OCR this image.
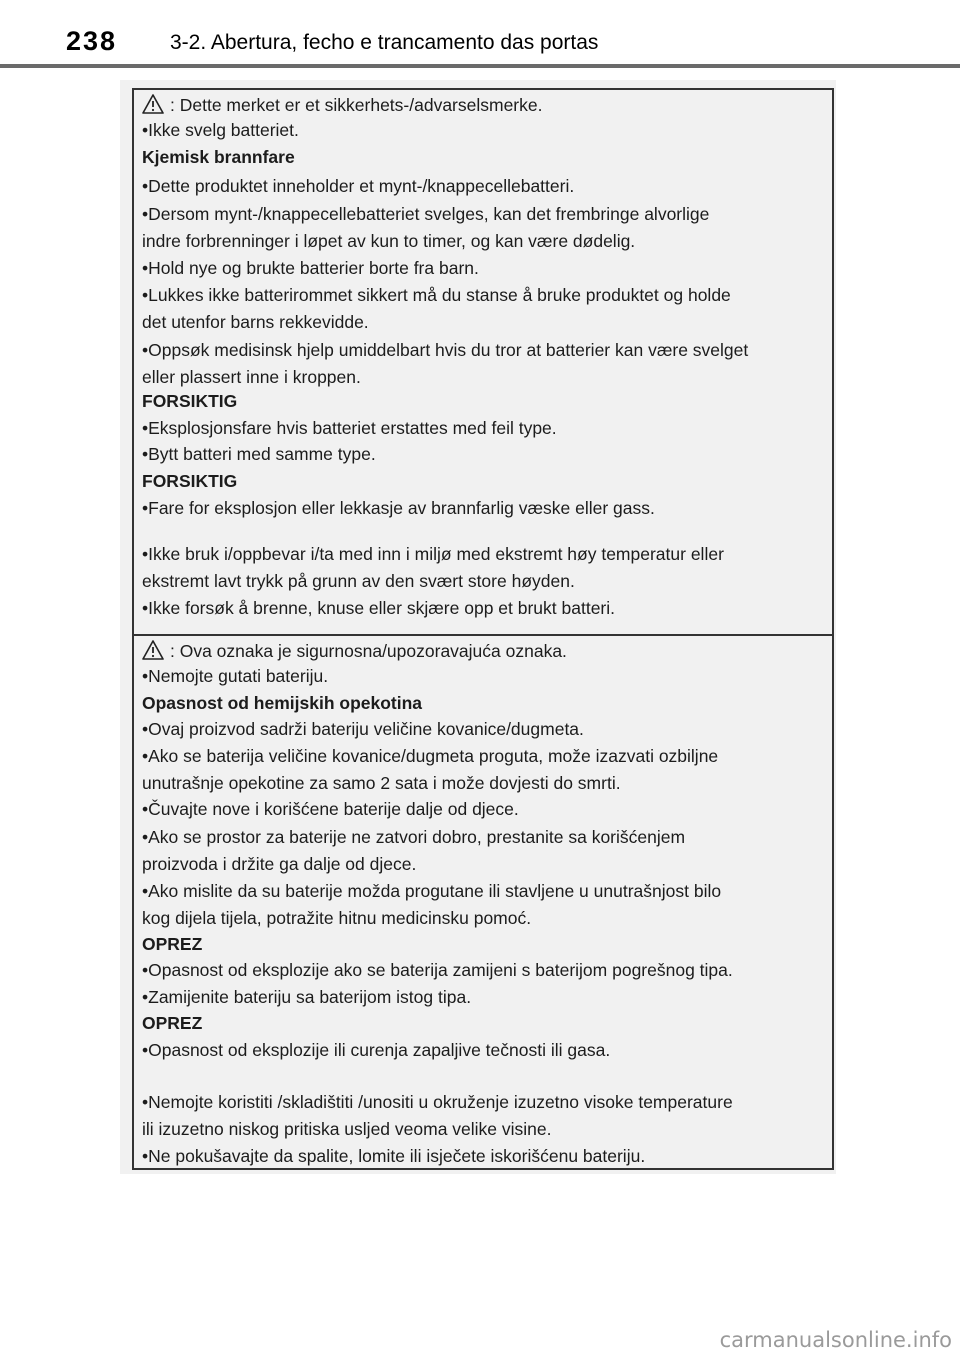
238	3-2. Abertura, fecho e trancamento das portas
: Dette merket er et sikkerhets-/advarselsmerke.
•Ikke svelg batteriet.
Kjemisk brannfare
•Dette produktet inneholder et mynt-/knappecellebatteri.
•Dersom mynt-/knappecellebatteriet svelges, kan det frembringe alvorlige
indre forbrenninger i løpet av kun to timer, og kan være dødelig.
•Hold nye og brukte batterier borte fra barn.
•Lukkes ikke batterirommet sikkert må du stanse å bruke produktet og holde
det utenfor barns rekkevidde.
•Oppsøk medisinsk hjelp umiddelbart hvis du tror at batterier kan være svelget
eller plassert inne i kroppen.
FORSIKTIG
•Eksplosjonsfare hvis batteriet erstattes med feil type.
•Bytt batteri med samme type.
FORSIKTIG
•Fare for eksplosjon eller lekkasje av brannfarlig væske eller gass.
•Ikke bruk i/oppbevar i/ta med inn i miljø med ekstremt høy temperatur eller
ekstremt lavt trykk på grunn av den svært store høyden.
•Ikke forsøk å brenne, knuse eller skjære opp et brukt batteri.
: Ova oznaka je sigurnosna/upozoravajuća oznaka.
•Nemojte gutati bateriju.
Opasnost od hemijskih opekotina
•Ovaj proizvod sadrži bateriju veličine kovanice/dugmeta.
•Ako se baterija veličine kovanice/dugmeta proguta, može izazvati ozbiljne
unutrašnje opekotine za samo 2 sata i može dovjesti do smrti.
•Čuvajte nove i korišćene baterije dalje od djece.
•Ako se prostor za baterije ne zatvori dobro, prestanite sa korišćenjem
proizvoda i držite ga dalje od djece.
•Ako mislite da su baterije možda progutane ili stavljene u unutrašnjost bilo
kog dijela tijela, potražite hitnu medicinsku pomoć.
OPREZ
•Opasnost od eksplozije ako se baterija zamijeni s baterijom pogrešnog tipa.
•Zamijenite bateriju sa baterijom istog tipa.
OPREZ
•Opasnost od eksplozije ili curenja zapaljive tečnosti ili gasa.
•Nemojte koristiti /skladištiti /unositi u okruženje izuzetno visoke temperature
ili izuzetno niskog pritiska usljed veoma velike visine.
•Ne pokušavajte da spalite, lomite ili isječete iskorišćenu bateriju.
carmanualsonline.info
